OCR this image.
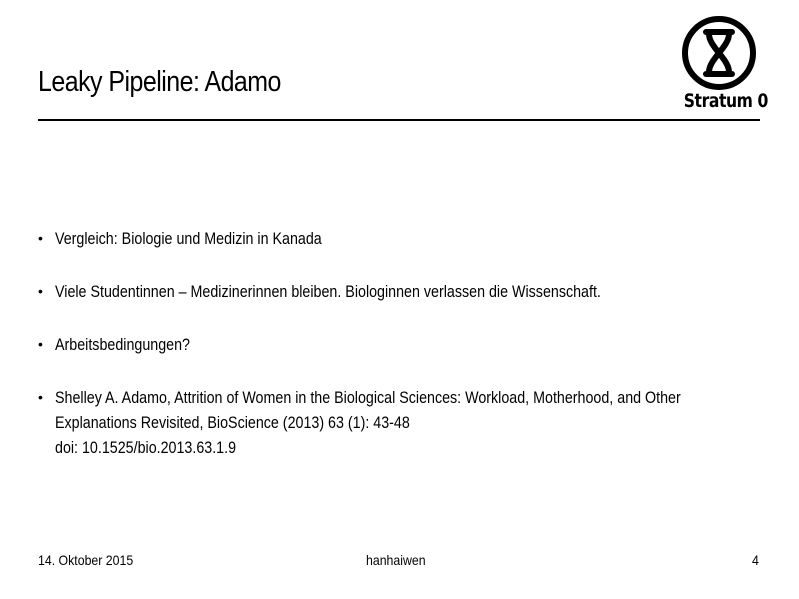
Leaky Pipeline: Adamo
Stratum 0
• Vergleich: Biologie und Medizin in Kanada
• Viele Studentinnen – Medizinerinnen bleiben. Biologinnen verlassen die Wissenschaft.
• Arbeitsbedingungen?
• Shelley A. Adamo, Attrition of Women in the Biological Sciences: Workload, Motherhood, and Other
Explanations Revisited, BioScience (2013) 63 (1): 43-48
doi: 10.1525/bio.2013.63.1.9
14. Oktober 2015	hanhaiwen	4
